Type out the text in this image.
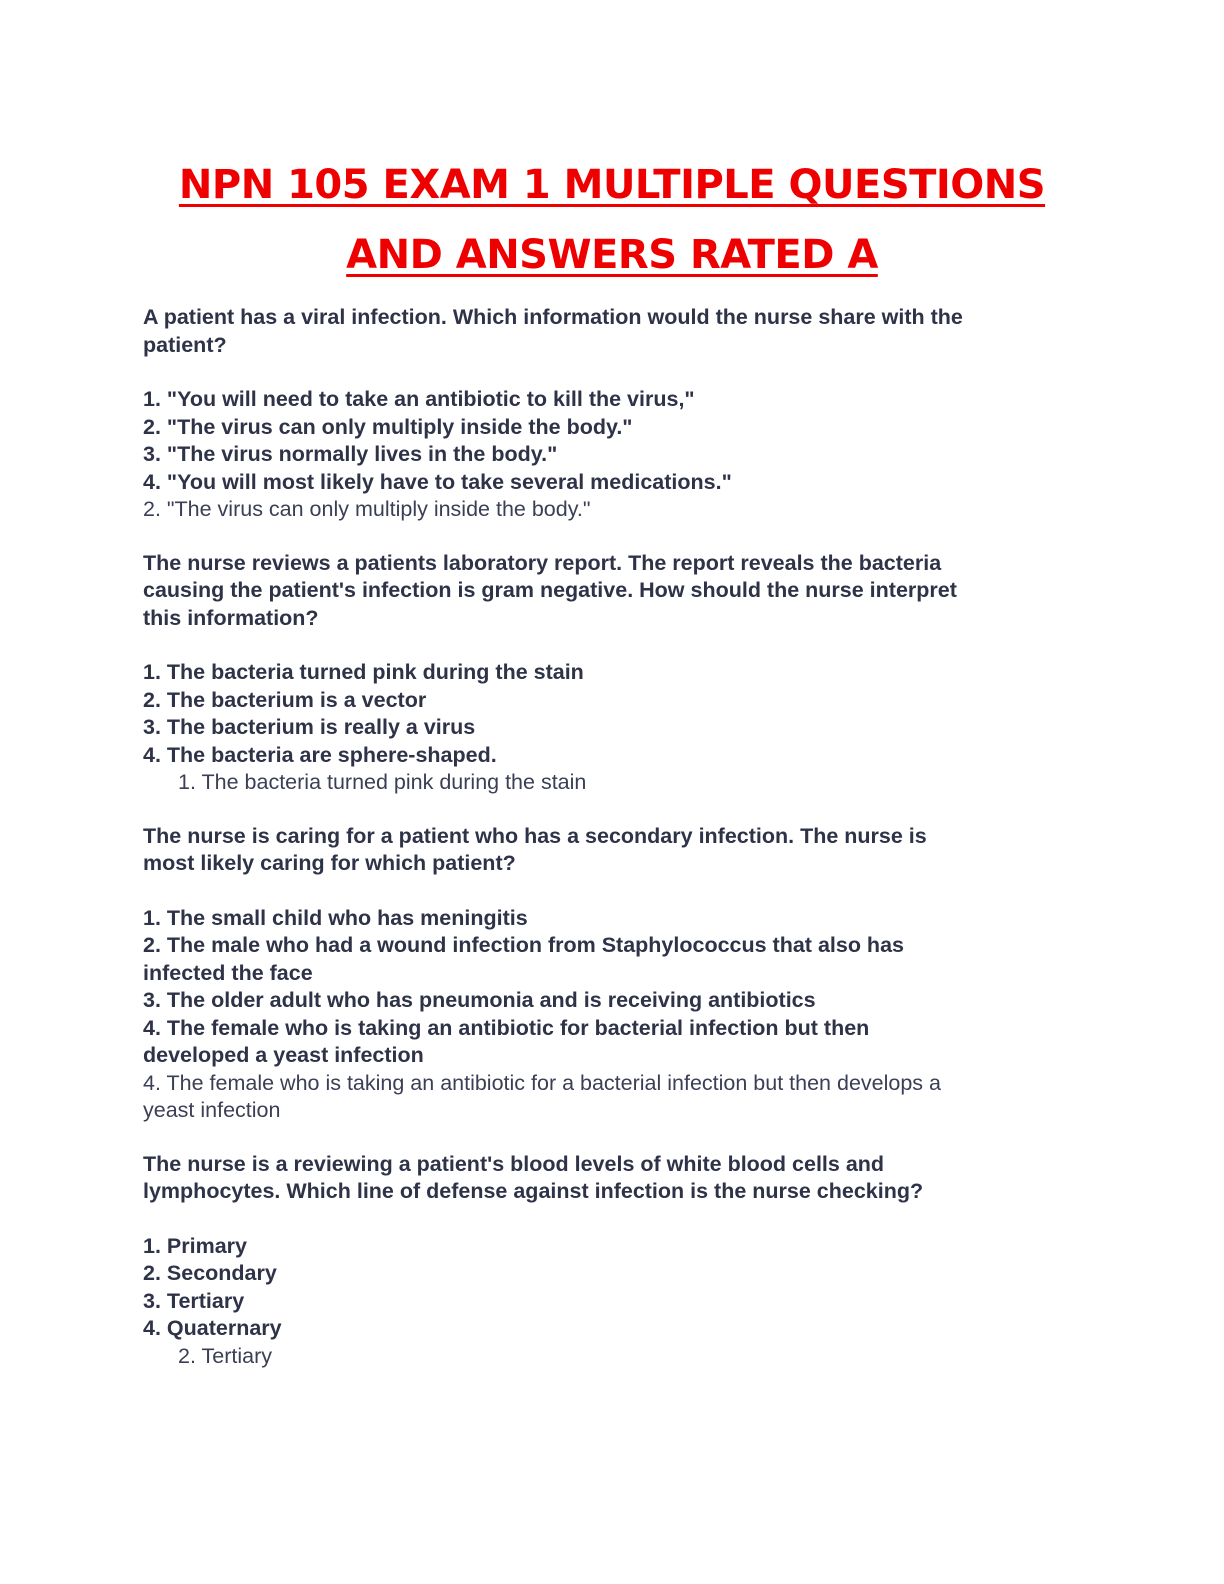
NPN 105 EXAM 1 MULTIPLE QUESTIONS
AND ANSWERS RATED A
A patient has a viral infection. Which information would the nurse share with the
patient?
1. "You will need to take an antibiotic to kill the virus,"
2. "The virus can only multiply inside the body."
3. "The virus normally lives in the body."
4. "You will most likely have to take several medications."
2. "The virus can only multiply inside the body."
The nurse reviews a patients laboratory report. The report reveals the bacteria
causing the patient's infection is gram negative. How should the nurse interpret
this information?
1. The bacteria turned pink during the stain
2. The bacterium is a vector
3. The bacterium is really a virus
4. The bacteria are sphere-shaped.
1. The bacteria turned pink during the stain
The nurse is caring for a patient who has a secondary infection. The nurse is
most likely caring for which patient?
1. The small child who has meningitis
2. The male who had a wound infection from Staphylococcus that also has
infected the face
3. The older adult who has pneumonia and is receiving antibiotics
4. The female who is taking an antibiotic for bacterial infection but then
developed a yeast infection
4. The female who is taking an antibiotic for a bacterial infection but then develops a
yeast infection
The nurse is a reviewing a patient's blood levels of white blood cells and
lymphocytes. Which line of defense against infection is the nurse checking?
1. Primary
2. Secondary
3. Tertiary
4. Quaternary
2. Tertiary
